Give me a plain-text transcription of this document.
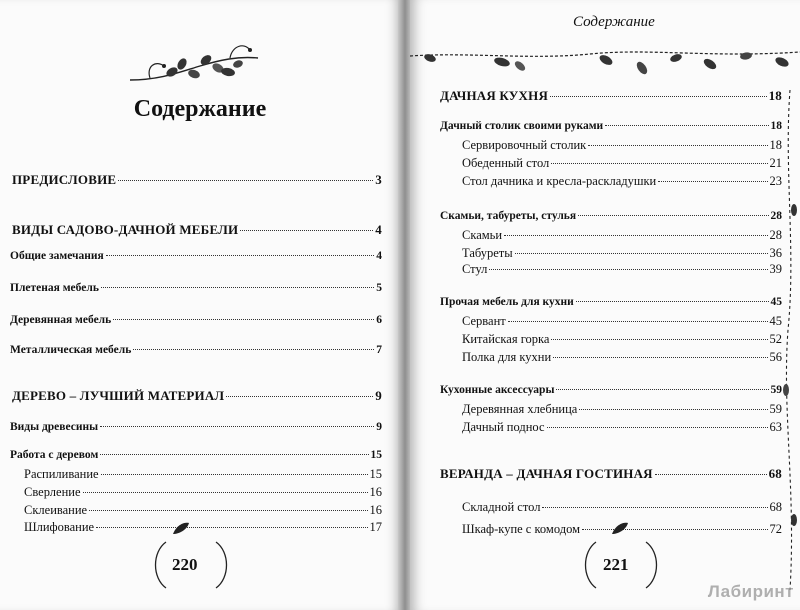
Содержание
ПРЕДИСЛОВИЕ	3
ВИДЫ САДОВО-ДАЧНОЙ МЕБЕЛИ	4
Общие замечания	4
Плетеная мебель	5
Деревянная мебель	6
Металлическая мебель	7
ДЕРЕВО – ЛУЧШИЙ МАТЕРИАЛ	9
Виды древесины	9
Работа с деревом	15
Распиливание	15
Сверление	16
Склеивание	16
Шлифование	17
220
Содержание
ДАЧНАЯ КУХНЯ	18
Дачный столик своими руками	18
Сервировочный столик	18
Обеденный стол	21
Стол дачника и кресла-раскладушки	23
Скамьи, табуреты, стулья	28
Скамьи	28
Табуреты	36
Стул	39
Прочая мебель для кухни	45
Сервант	45
Китайская горка	52
Полка для кухни	56
Кухонные аксессуары	59
Деревянная хлебница	59
Дачный поднос	63
ВЕРАНДА – ДАЧНАЯ ГОСТИНАЯ	68
Складной стол	68
Шкаф-купе с комодом	72
221
Лабиринт
